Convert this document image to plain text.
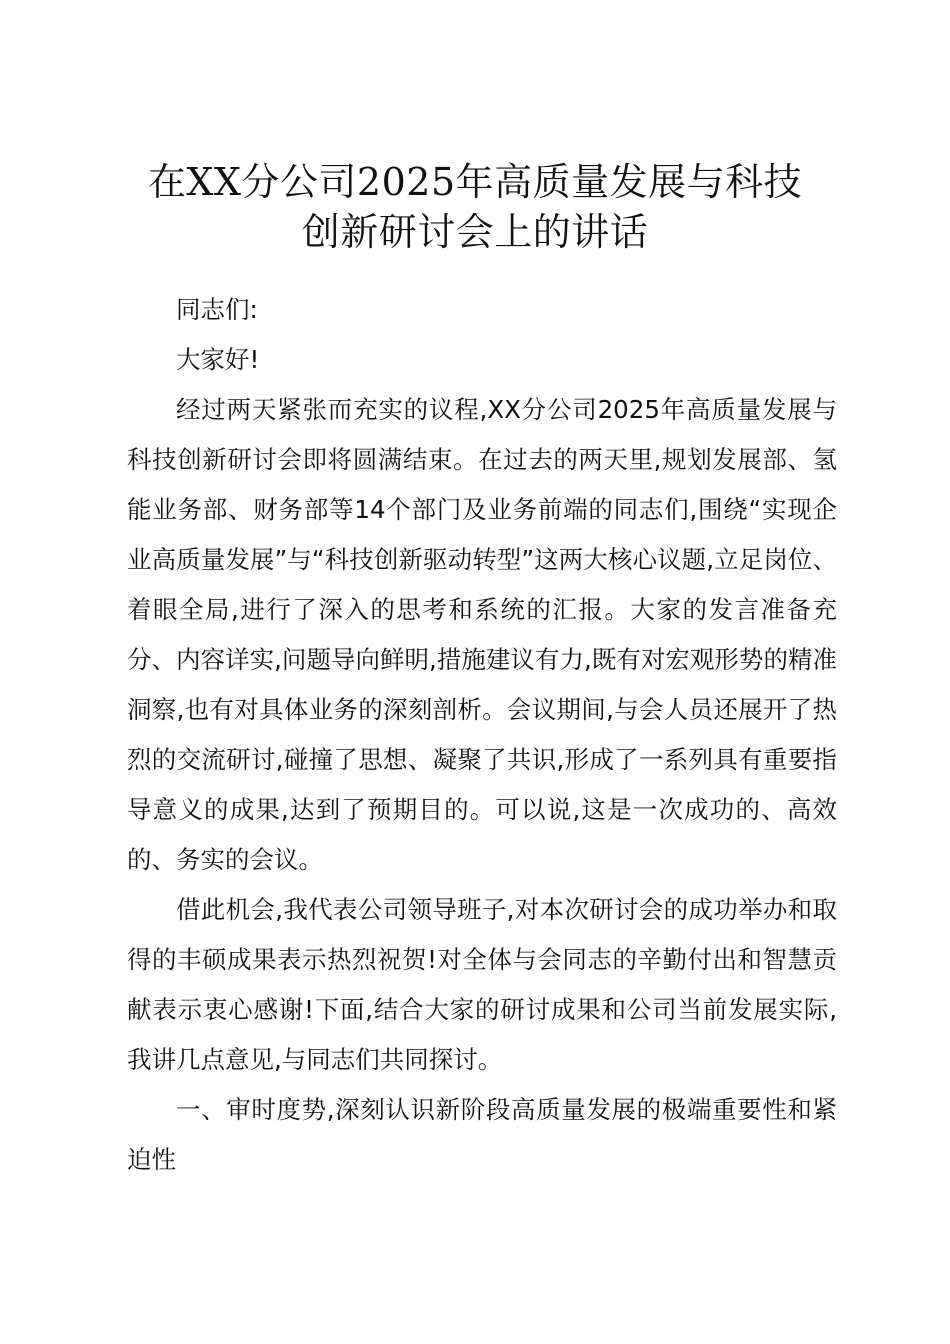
在XX分公司2025年高质量发展与科技
创新研讨会上的讲话

同志们:

大家好!

经过两天紧张而充实的议程,XX分公司2025年高质量发展与科技创新研讨会即将圆满结束。在过去的两天里,规划发展部、氢能业务部、财务部等14个部门及业务前端的同志们,围绕“实现企业高质量发展”与“科技创新驱动转型”这两大核心议题,立足岗位、着眼全局,进行了深入的思考和系统的汇报。大家的发言准备充分、内容详实,问题导向鲜明,措施建议有力,既有对宏观形势的精准洞察,也有对具体业务的深刻剖析。会议期间,与会人员还展开了热烈的交流研讨,碰撞了思想、凝聚了共识,形成了一系列具有重要指导意义的成果,达到了预期目的。可以说,这是一次成功的、高效的、务实的会议。

借此机会,我代表公司领导班子,对本次研讨会的成功举办和取得的丰硕成果表示热烈祝贺!对全体与会同志的辛勤付出和智慧贡献表示衷心感谢!下面,结合大家的研讨成果和公司当前发展实际,我讲几点意见,与同志们共同探讨。

一、审时度势,深刻认识新阶段高质量发展的极端重要性和紧迫性
